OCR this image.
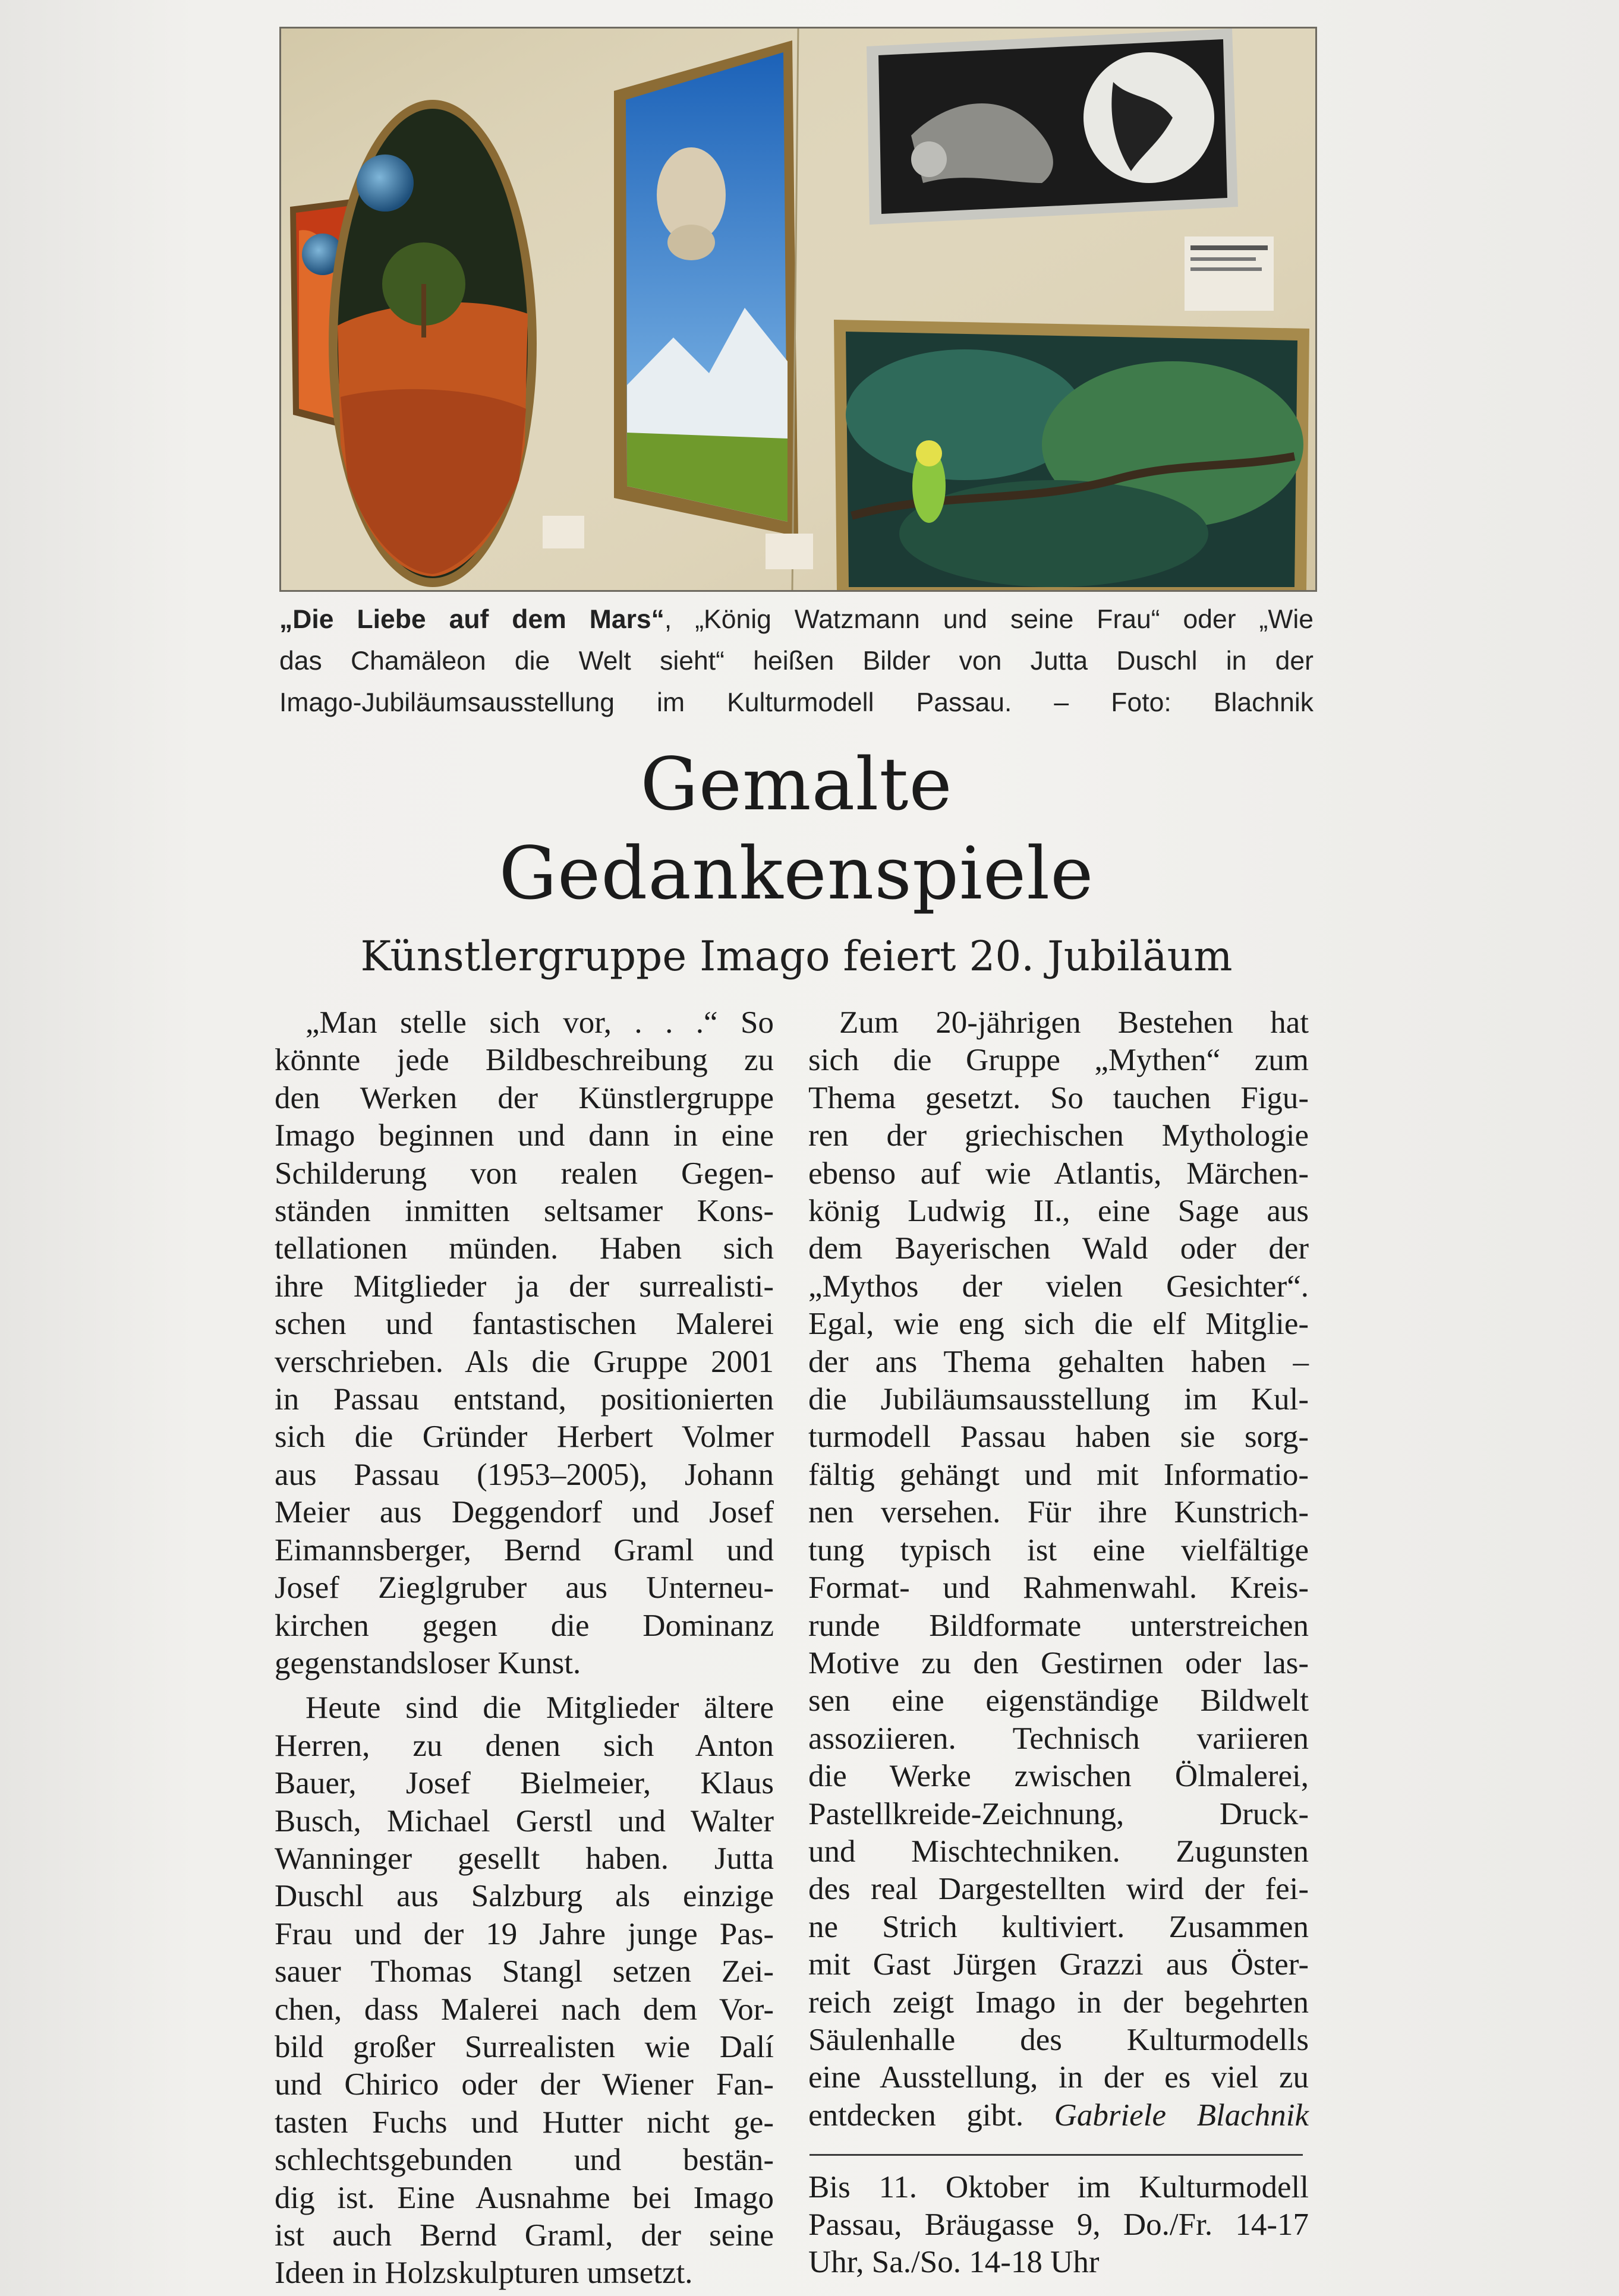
„Die Liebe auf dem Mars“, „König Watzmann und seine Frau“ oder „Wie
das Chamäleon die Welt sieht“ heißen Bilder von Jutta Duschl in der
Imago-Jubiläumsausstellung im Kulturmodell Passau. – Foto: Blachnik
Gemalte
Gedankenspiele
Künstlergruppe Imago feiert 20. Jubiläum
„Man stelle sich vor, . . .“ So
könnte jede Bildbeschreibung zu
den Werken der Künstlergruppe
Imago beginnen und dann in eine
Schilderung von realen Gegen-
ständen inmitten seltsamer Kons-
tellationen münden. Haben sich
ihre Mitglieder ja der surrealisti-
schen und fantastischen Malerei
verschrieben. Als die Gruppe 2001
in Passau entstand, positionierten
sich die Gründer Herbert Volmer
aus Passau (1953–2005), Johann
Meier aus Deggendorf und Josef
Eimannsberger, Bernd Graml und
Josef Zieglgruber aus Unterneu-
kirchen gegen die Dominanz
gegenstandsloser Kunst.
Heute sind die Mitglieder ältere
Herren, zu denen sich Anton
Bauer, Josef Bielmeier, Klaus
Busch, Michael Gerstl und Walter
Wanninger gesellt haben. Jutta
Duschl aus Salzburg als einzige
Frau und der 19 Jahre junge Pas-
sauer Thomas Stangl setzen Zei-
chen, dass Malerei nach dem Vor-
bild großer Surrealisten wie Dalí
und Chirico oder der Wiener Fan-
tasten Fuchs und Hutter nicht ge-
schlechtsgebunden und bestän-
dig ist. Eine Ausnahme bei Imago
ist auch Bernd Graml, der seine
Ideen in Holzskulpturen umsetzt.
Zum 20-jährigen Bestehen hat
sich die Gruppe „Mythen“ zum
Thema gesetzt. So tauchen Figu-
ren der griechischen Mythologie
ebenso auf wie Atlantis, Märchen-
könig Ludwig II., eine Sage aus
dem Bayerischen Wald oder der
„Mythos der vielen Gesichter“.
Egal, wie eng sich die elf Mitglie-
der ans Thema gehalten haben –
die Jubiläumsausstellung im Kul-
turmodell Passau haben sie sorg-
fältig gehängt und mit Informatio-
nen versehen. Für ihre Kunstrich-
tung typisch ist eine vielfältige
Format- und Rahmenwahl. Kreis-
runde Bildformate unterstreichen
Motive zu den Gestirnen oder las-
sen eine eigenständige Bildwelt
assoziieren. Technisch variieren
die Werke zwischen Ölmalerei,
Pastellkreide-Zeichnung, Druck-
und Mischtechniken. Zugunsten
des real Dargestellten wird der fei-
ne Strich kultiviert. Zusammen
mit Gast Jürgen Grazzi aus Öster-
reich zeigt Imago in der begehrten
Säulenhalle des Kulturmodells
eine Ausstellung, in der es viel zu
entdecken gibt. Gabriele Blachnik
Bis 11. Oktober im Kulturmodell
Passau, Bräugasse 9, Do./Fr. 14-17
Uhr, Sa./So. 14-18 Uhr
